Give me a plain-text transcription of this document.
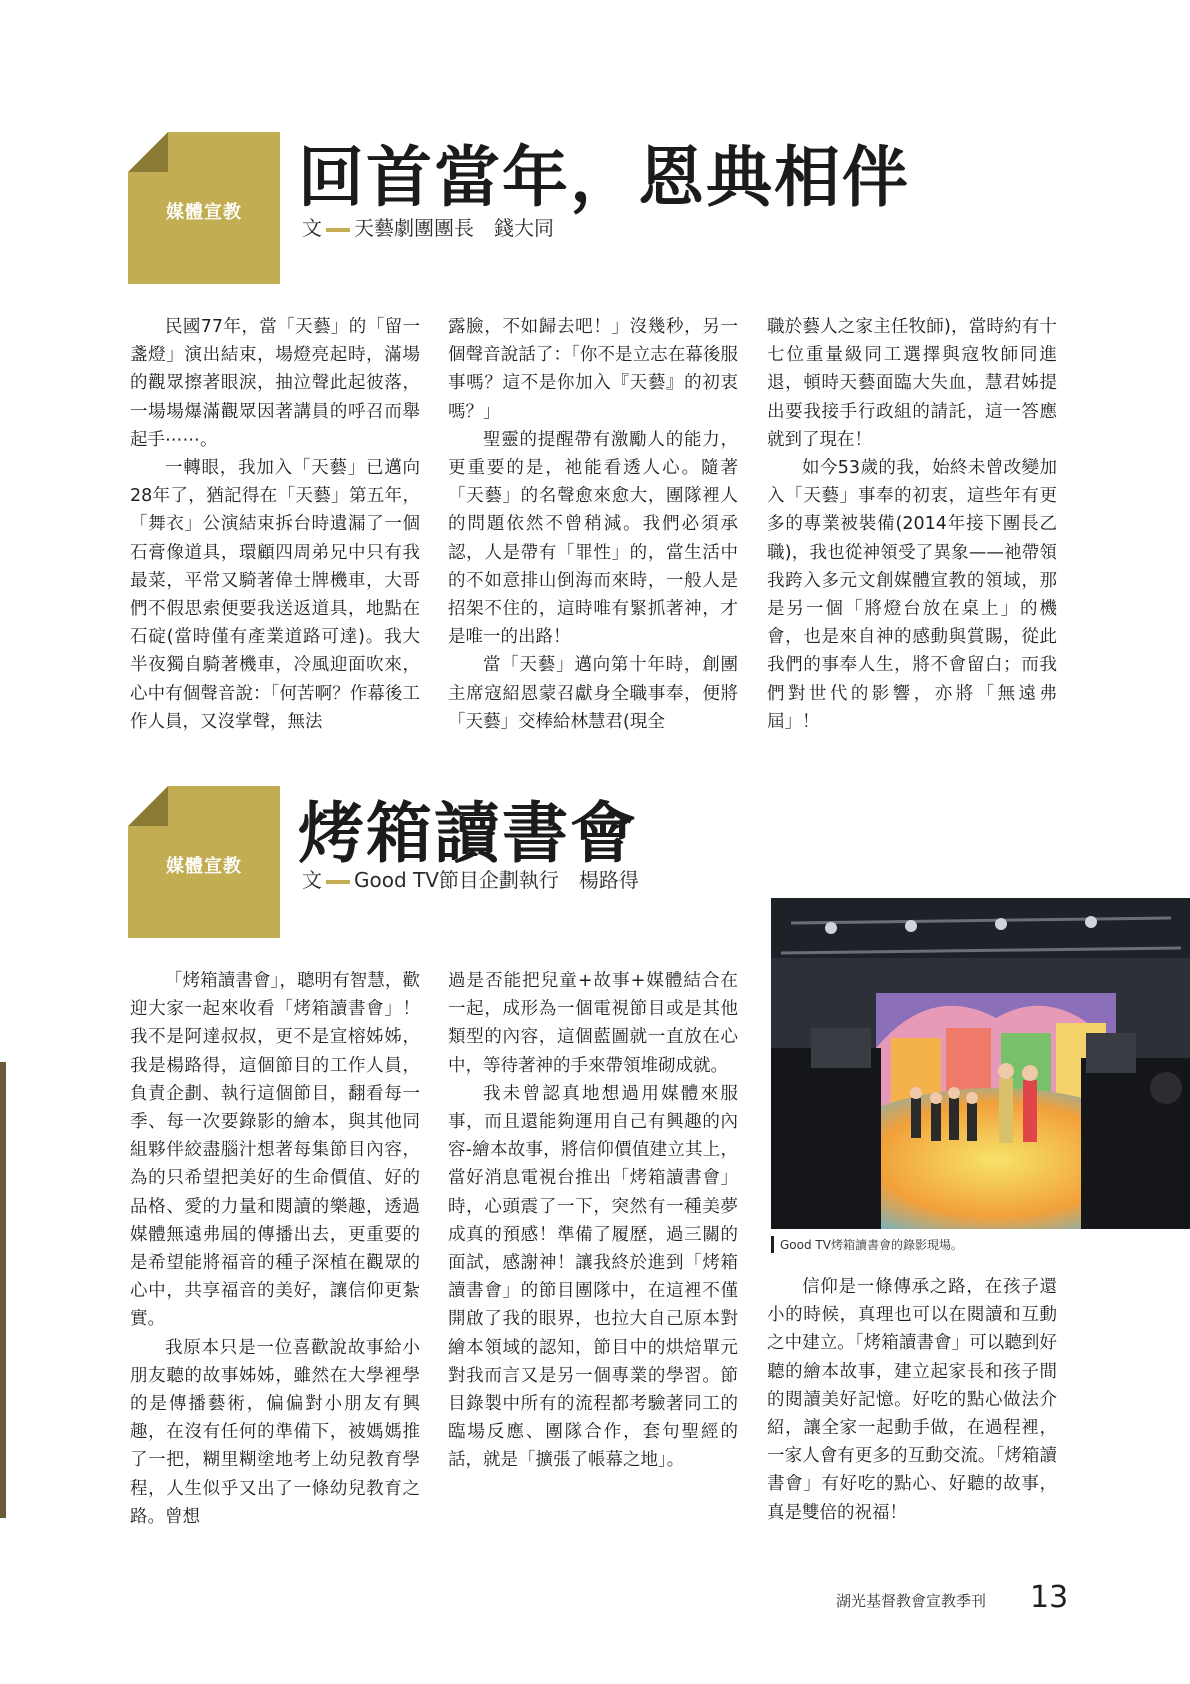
媒體宣教 回首當年，恩典相伴
文 天藝劇團團長　錢大同

民國77年，當「天藝」的「留一盞燈」演出結束，場燈亮起時，滿場的觀眾擦著眼淚，抽泣聲此起彼落，一場場爆滿觀眾因著講員的呼召而舉起手⋯⋯。

一轉眼，我加入「天藝」已邁向28年了，猶記得在「天藝」第五年，「舞衣」公演結束拆台時遺漏了一個石膏像道具，環顧四周弟兄中只有我最菜，平常又騎著偉士牌機車，大哥們不假思索便要我送返道具，地點在石碇(當時僅有產業道路可達)。我大半夜獨自騎著機車，冷風迎面吹來，心中有個聲音說：「何苦啊？作幕後工作人員，又沒掌聲，無法

露臉，不如歸去吧！」沒幾秒，另一個聲音說話了：「你不是立志在幕後服事嗎？這不是你加入『天藝』的初衷嗎？」

聖靈的提醒帶有激勵人的能力，更重要的是，祂能看透人心。隨著「天藝」的名聲愈來愈大，團隊裡人的問題依然不曾稍減。我們必須承認，人是帶有「罪性」的，當生活中的不如意排山倒海而來時，一般人是招架不住的，這時唯有緊抓著神，才是唯一的出路！

當「天藝」邁向第十年時，創團主席寇紹恩蒙召獻身全職事奉，便將「天藝」交棒給林慧君(現全

職於藝人之家主任牧師)，當時約有十七位重量級同工選擇與寇牧師同進退，頓時天藝面臨大失血，慧君姊提出要我接手行政組的請託，這一答應就到了現在！

如今53歲的我，始終未曾改變加入「天藝」事奉的初衷，這些年有更多的專業被裝備(2014年接下團長乙職)，我也從神領受了異象——祂帶領我跨入多元文創媒體宣教的領域，那是另一個「將燈台放在桌上」的機會，也是來自神的感動與賞賜，從此我們的事奉人生，將不會留白；而我們對世代的影響，亦將「無遠弗屆」！

媒體宣教 烤箱讀書會
文 Good TV節目企劃執行　楊路得

「烤箱讀書會」，聰明有智慧，歡迎大家一起來收看「烤箱讀書會」！我不是阿達叔叔，更不是宣榕姊姊，我是楊路得，這個節目的工作人員，負責企劃、執行這個節目，翻看每一季、每一次要錄影的繪本，與其他同組夥伴絞盡腦汁想著每集節目內容，為的只希望把美好的生命價值、好的品格、愛的力量和閱讀的樂趣，透過媒體無遠弗屆的傳播出去，更重要的是希望能將福音的種子深植在觀眾的心中，共享福音的美好，讓信仰更紮實。

我原本只是一位喜歡說故事給小朋友聽的故事姊姊，雖然在大學裡學的是傳播藝術，偏偏對小朋友有興趣，在沒有任何的準備下，被媽媽推了一把，糊里糊塗地考上幼兒教育學程，人生似乎又出了一條幼兒教育之路。曾想

過是否能把兒童+故事+媒體結合在一起，成形為一個電視節目或是其他類型的內容，這個藍圖就一直放在心中，等待著神的手來帶領堆砌成就。

我未曾認真地想過用媒體來服事，而且還能夠運用自己有興趣的內容-繪本故事，將信仰價值建立其上，當好消息電視台推出「烤箱讀書會」時，心頭震了一下，突然有一種美夢成真的預感！準備了履歷，過三關的面試，感謝神！讓我終於進到「烤箱讀書會」的節目團隊中，在這裡不僅開啟了我的眼界，也拉大自己原本對繪本領域的認知，節目中的烘焙單元對我而言又是另一個專業的學習。節目錄製中所有的流程都考驗著同工的臨場反應、團隊合作，套句聖經的話，就是「擴張了帳幕之地」。

Good TV烤箱讀書會的錄影現場。

信仰是一條傳承之路，在孩子還小的時候，真理也可以在閱讀和互動之中建立。「烤箱讀書會」可以聽到好聽的繪本故事，建立起家長和孩子間的閱讀美好記憶。好吃的點心做法介紹，讓全家一起動手做，在過程裡，一家人會有更多的互動交流。「烤箱讀書會」有好吃的點心、好聽的故事，真是雙倍的祝福！

湖光基督教會宣教季刊 13
